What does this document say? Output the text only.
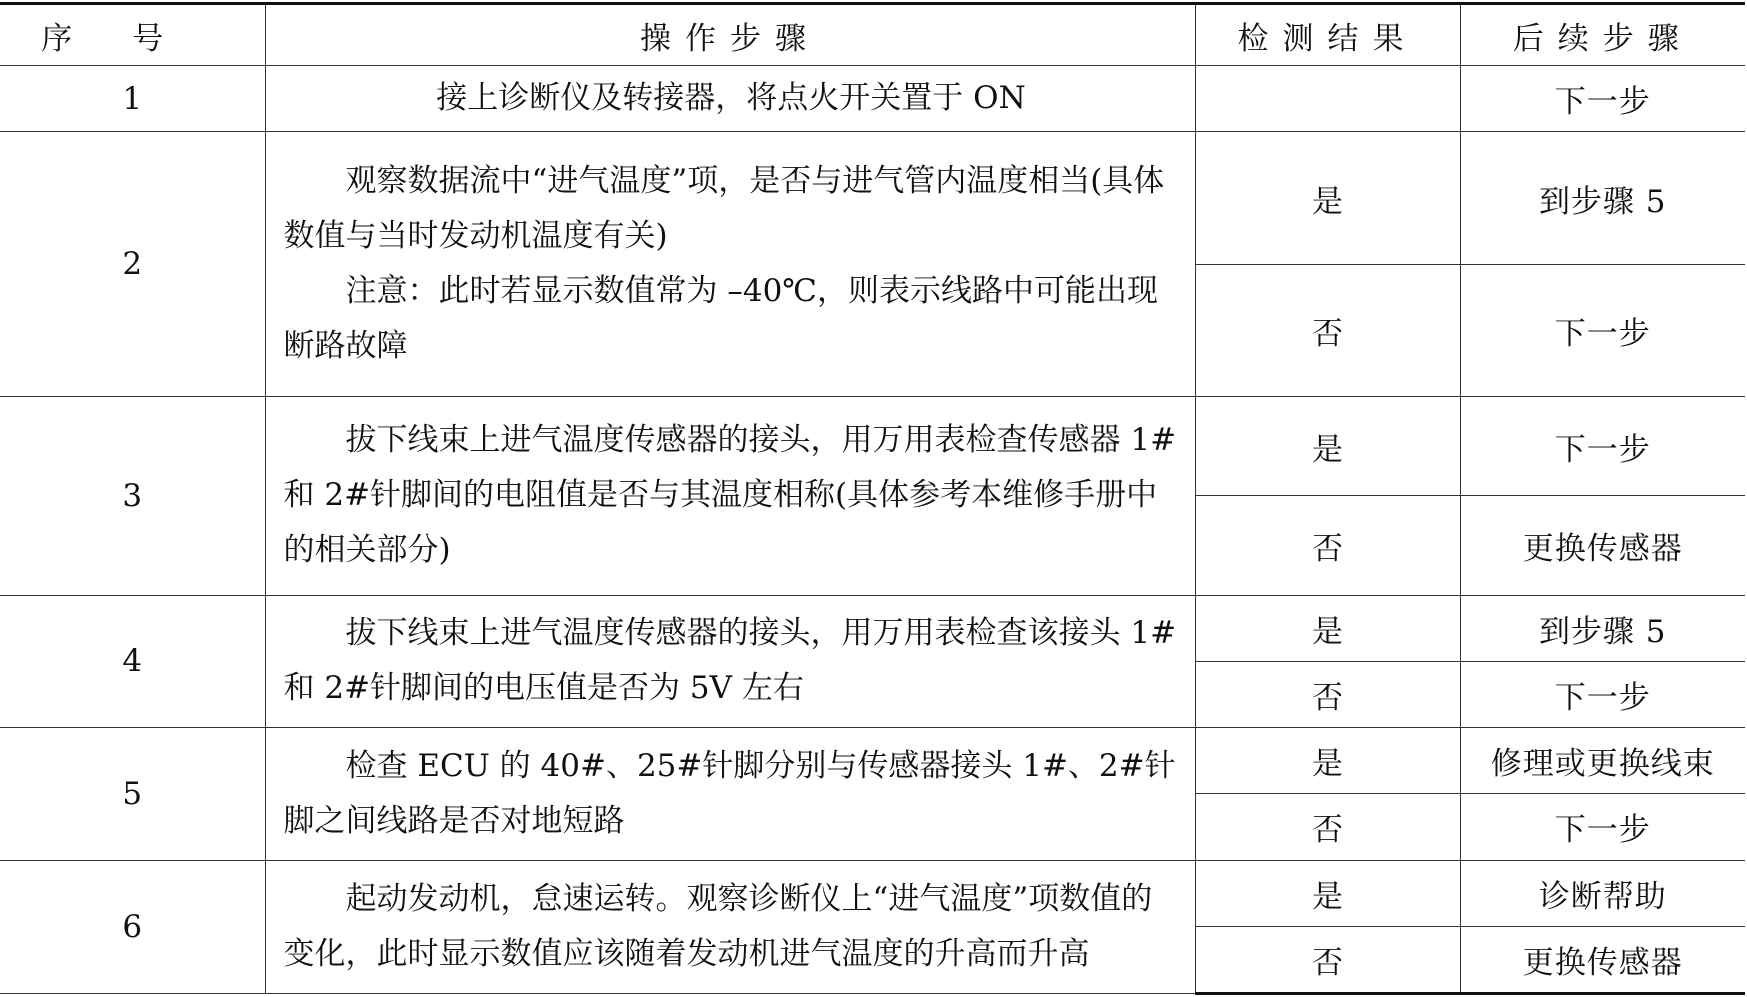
序号	操作步骤	检测结果	后续步骤
1	接上诊断仪及转接器，将点火开关置于 ON		下一步
2	观察数据流中“进气温度”项，是否与进气管内温度相当(具体数值与当时发动机温度有关)
注意：此时若显示数值常为 –40℃，则表示线路中可能出现断路故障	是	到步骤 5
		否	下一步
3	拔下线束上进气温度传感器的接头，用万用表检查传感器 1#和 2#针脚间的电阻值是否与其温度相称(具体参考本维修手册中的相关部分)	是	下一步
		否	更换传感器
4	拔下线束上进气温度传感器的接头，用万用表检查该接头 1#和 2#针脚间的电压值是否为 5V 左右	是	到步骤 5
		否	下一步
5	检查 ECU 的 40#、25#针脚分别与传感器接头 1#、2#针脚之间线路是否对地短路	是	修理或更换线束
		否	下一步
6	起动发动机，怠速运转。观察诊断仪上“进气温度”项数值的变化，此时显示数值应该随着发动机进气温度的升高而升高	是	诊断帮助
		否	更换传感器
